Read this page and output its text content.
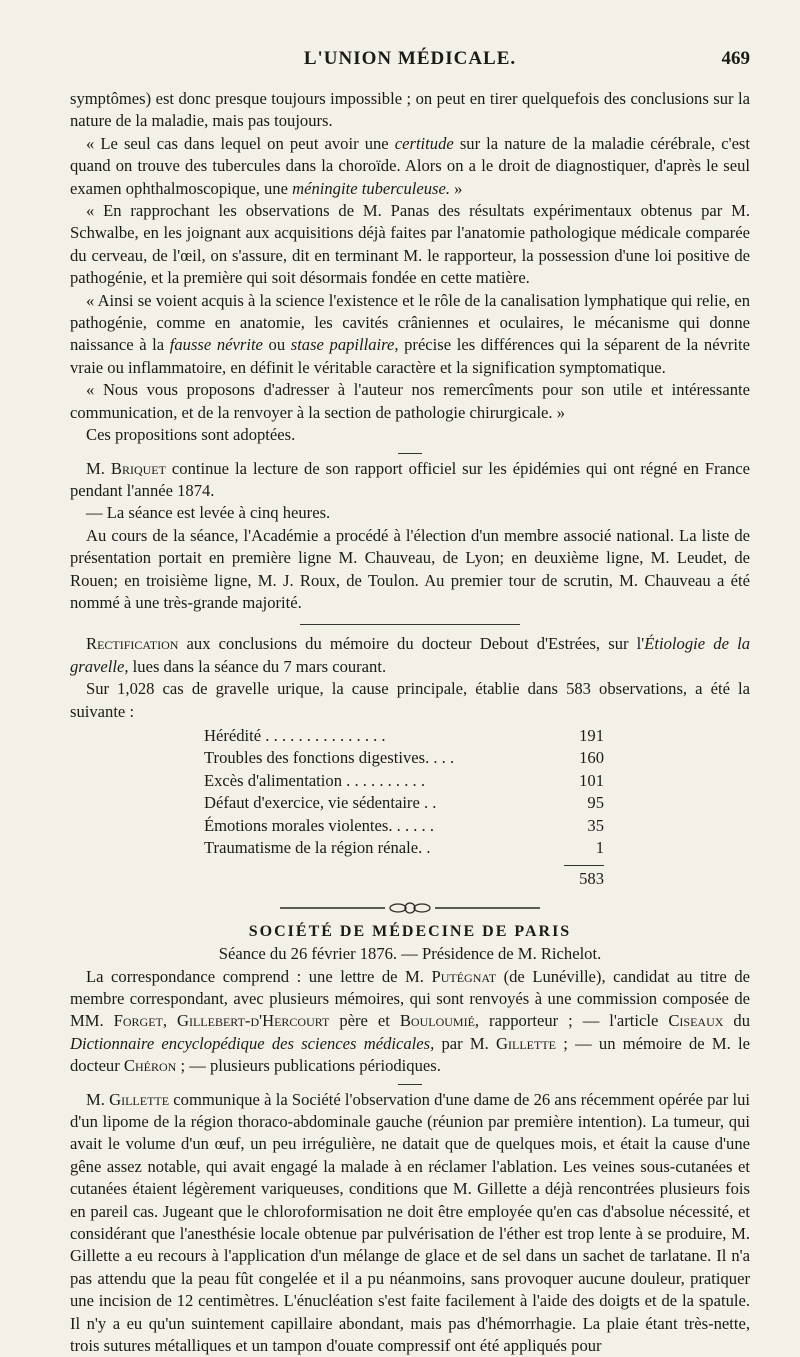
L'UNION MÉDICALE.	469

symptômes) est donc presque toujours impossible ; on peut en tirer quelquefois des conclusions sur la nature de la maladie, mais pas toujours.

« Le seul cas dans lequel on peut avoir une certitude sur la nature de la maladie cérébrale, c'est quand on trouve des tubercules dans la choroïde. Alors on a le droit de diagnostiquer, d'après le seul examen ophthalmoscopique, une méningite tuberculeuse. »

« En rapprochant les observations de M. Panas des résultats expérimentaux obtenus par M. Schwalbe, en les joignant aux acquisitions déjà faites par l'anatomie pathologique médicale comparée du cerveau, de l'œil, on s'assure, dit en terminant M. le rapporteur, la possession d'une loi positive de pathogénie, et la première qui soit désormais fondée en cette matière.

« Ainsi se voient acquis à la science l'existence et le rôle de la canalisation lymphatique qui relie, en pathogénie, comme en anatomie, les cavités crâniennes et oculaires, le mécanisme qui donne naissance à la fausse névrite ou stase papillaire, précise les différences qui la séparent de la névrite vraie ou inflammatoire, en définit le véritable caractère et la signification symptomatique.

« Nous vous proposons d'adresser à l'auteur nos remercîments pour son utile et intéressante communication, et de la renvoyer à la section de pathologie chirurgicale. »

Ces propositions sont adoptées.

M. Briquet continue la lecture de son rapport officiel sur les épidémies qui ont régné en France pendant l'année 1874.

— La séance est levée à cinq heures.

Au cours de la séance, l'Académie a procédé à l'élection d'un membre associé national. La liste de présentation portait en première ligne M. Chauveau, de Lyon; en deuxième ligne, M. Leudet, de Rouen; en troisième ligne, M. J. Roux, de Toulon. Au premier tour de scrutin, M. Chauveau a été nommé à une très-grande majorité.

Rectification aux conclusions du mémoire du docteur Debout d'Estrées, sur l'Étiologie de la gravelle, lues dans la séance du 7 mars courant.

Sur 1,028 cas de gravelle urique, la cause principale, établie dans 583 observations, a été la suivante :

Hérédité . . . . . . . . . . . . . . .	191
Troubles des fonctions digestives. . . .	160
Excès d'alimentation . . . . . . . . . .	101
Défaut d'exercice, vie sédentaire . .	95
Émotions morales violentes. . . . . .	35
Traumatisme de la région rénale. .	1
583
SOCIÉTÉ DE MÉDECINE DE PARIS
Séance du 26 février 1876. — Présidence de M. Richelot.

La correspondance comprend : une lettre de M. Putégnat (de Lunéville), candidat au titre de membre correspondant, avec plusieurs mémoires, qui sont renvoyés à une commission composée de MM. Forget, Gillebert-d'Hercourt père et Bouloumié, rapporteur ; — l'article Ciseaux du Dictionnaire encyclopédique des sciences médicales, par M. Gillette ; — un mémoire de M. le docteur Chéron ; — plusieurs publications périodiques.

M. Gillette communique à la Société l'observation d'une dame de 26 ans récemment opérée par lui d'un lipome de la région thoraco-abdominale gauche (réunion par première intention). La tumeur, qui avait le volume d'un œuf, un peu irrégulière, ne datait que de quelques mois, et était la cause d'une gêne assez notable, qui avait engagé la malade à en réclamer l'ablation. Les veines sous-cutanées et cutanées étaient légèrement variqueuses, conditions que M. Gillette a déjà rencontrées plusieurs fois en pareil cas. Jugeant que le chloroformisation ne doit être employée qu'en cas d'absolue nécessité, et considérant que l'anesthésie locale obtenue par pulvérisation de l'éther est trop lente à se produire, M. Gillette a eu recours à l'application d'un mélange de glace et de sel dans un sachet de tarlatane. Il n'a pas attendu que la peau fût congelée et il a pu néanmoins, sans provoquer aucune douleur, pratiquer une incision de 12 centimètres. L'énucléation s'est faite facilement à l'aide des doigts et de la spatule. Il n'y a eu qu'un suintement capillaire abondant, mais pas d'hémorrhagie. La plaie étant très-nette, trois sutures métalliques et un tampon d'ouate compressif ont été appliqués pour
